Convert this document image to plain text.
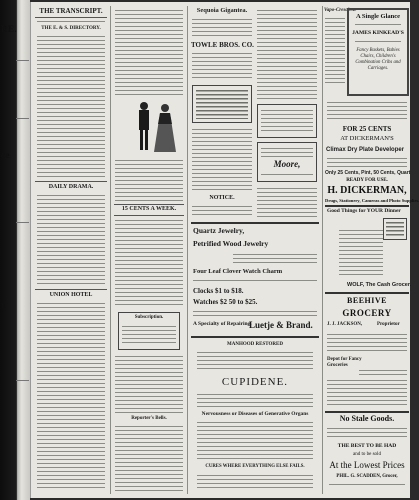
RE.
ce
n
THE TRANSCRIPT.
THE E. & S. DIRECTORY.
DAILY DRAMA.
UNION HOTEL
15 CENTS A WEEK.
Subscription.
Reporter's Bells.
Sequoia Gigantea.
TOWLE BROS. CO.
NOTICE.
Moore,
Quartz Jewelry,
Petrified Wood Jewelry
Four Leaf Clover Watch Charm
Clocks $1 to $18.
Watches $2 50 to $25.
A Specialty of Repairing.
Luetje & Brand.
MANHOOD RESTORED
CUPIDENE.
Nervousness or Diseases of Generative Organs
CURES WHERE EVERYTHING ELSE FAILS.
Vapo-Cresolene
A Single Glance
JAMES KINKEAD'S
Fancy Baskets, Babies Chairs, Children's Combination Cribs and Carriages.
FOR 25 CENTS
AT DICKERMAN'S
Climax Dry Plate Developer
Only 25 Cents, Pint, 50 Cents, Quart
READY FOR USE.
H. DICKERMAN,
Drugs, Stationery, Cameras and Photo Supplies.
Good Things for YOUR Dinner
WOLF, The Cash Grocer.
BEEHIVE
GROCERY
J. J. JACKSON,	Proprietor
Depot for Fancy Groceries
No Stale Goods.
THE BEST TO BE HAD
and to be sold
At the Lowest Prices
PHIL. G. SCADDEN, Grocer,
